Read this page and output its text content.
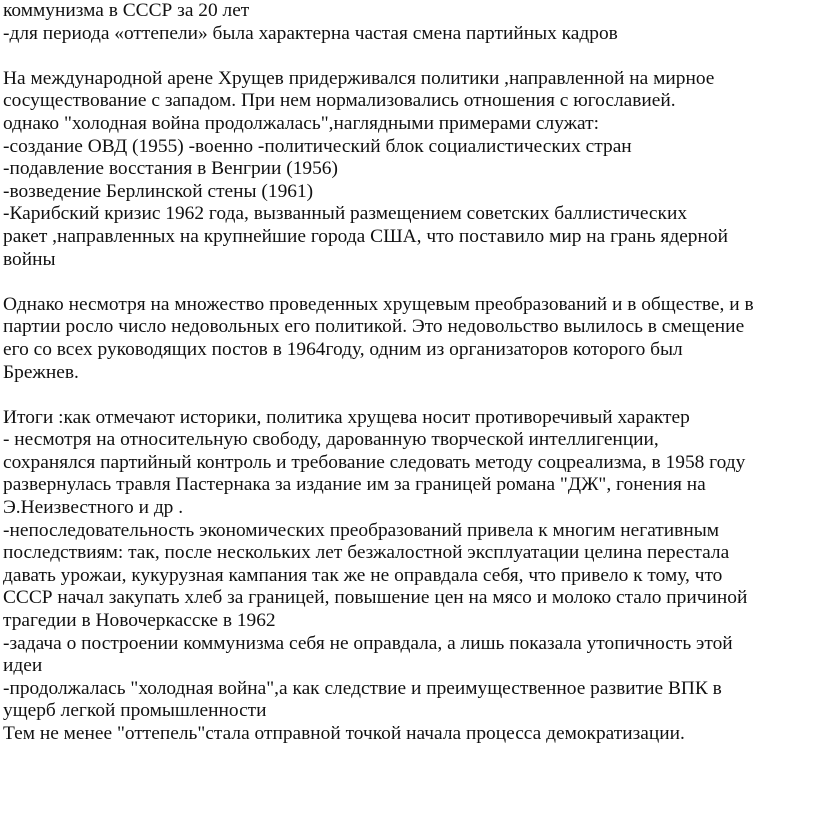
коммунизма в СССР за 20 лет
-для периода «оттепели» была характерна частая смена партийных кадров
На международной арене Хрущев придерживался политики ,направленной на мирное
сосуществование с западом. При нем нормализовались отношения с югославией.
однако "холодная война продолжалась",наглядными примерами служат:
-создание ОВД (1955) -военно -политический блок социалистических стран
-подавление восстания в Венгрии (1956)
-возведение Берлинской стены (1961)
-Карибский кризис 1962 года, вызванный размещением советских баллистических
ракет ,направленных на крупнейшие города США, что поставило мир на грань ядерной
войны
Однако несмотря на множество проведенных хрущевым преобразований и в обществе, и в
партии росло число недовольных его политикой. Это недовольство вылилось в смещение
его со всех руководящих постов в 1964году, одним из организаторов которого был
Брежнев.
Итоги :как отмечают историки, политика хрущева носит противоречивый характер
- несмотря на относительную свободу, дарованную творческой интеллигенции,
сохранялся партийный контроль и требование следовать методу соцреализма, в 1958 году
развернулась травля Пастернака за издание им за границей романа "ДЖ", гонения на
Э.Неизвестного и др .
-непоследовательность экономических преобразований привела к многим негативным
последствиям: так, после нескольких лет безжалостной эксплуатации целина перестала
давать урожаи, кукурузная кампания так же не оправдала себя, что привело к тому, что
СССР начал закупать хлеб за границей, повышение цен на мясо и молоко стало причиной
трагедии в Новочеркасске в 1962
-задача о построении коммунизма себя не оправдала, а лишь показала утопичность этой
идеи
-продолжалась "холодная война",а как следствие и преимущественное развитие ВПК в
ущерб легкой промышленности
Тем не менее "оттепель"стала отправной точкой начала процесса демократизации.
